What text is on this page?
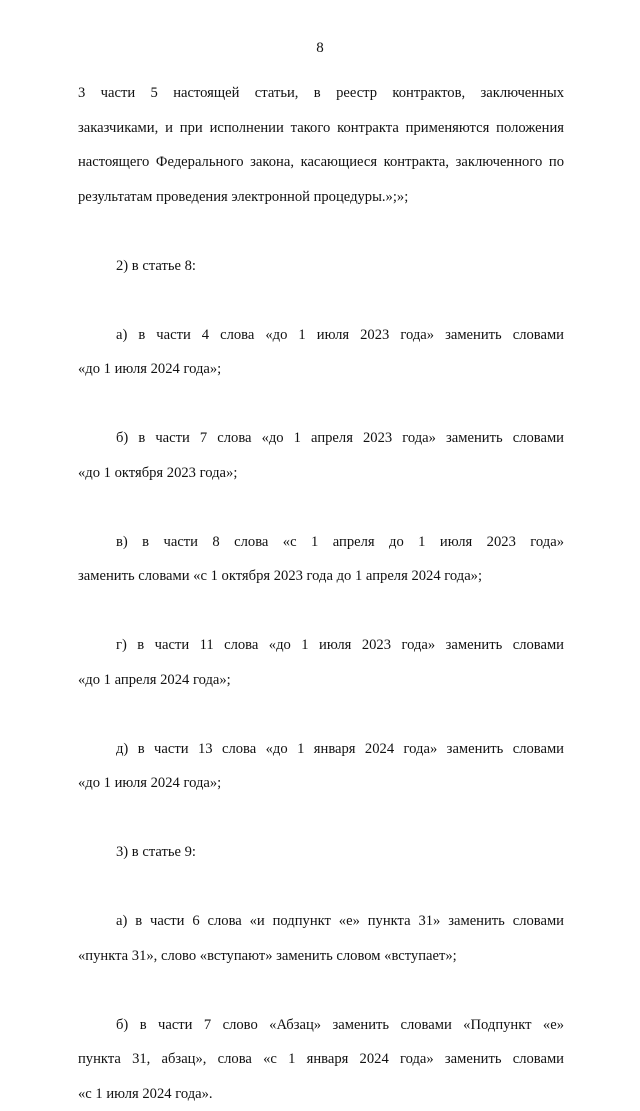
8
3 части 5 настоящей статьи, в реестр контрактов, заключенных
заказчиками, и при исполнении такого контракта применяются положения
настоящего Федерального закона, касающиеся контракта, заключенного по
результатам проведения электронной процедуры.»;»;
2) в статье 8:
а) в части 4 слова «до 1 июля 2023 года» заменить словами
«до 1 июля 2024 года»;
б) в части 7 слова «до 1 апреля 2023 года» заменить словами
«до 1 октября 2023 года»;
в) в части 8 слова «с 1 апреля до 1 июля 2023 года»
заменить словами «с 1 октября 2023 года до 1 апреля 2024 года»;
г) в части 11 слова «до 1 июля 2023 года» заменить словами
«до 1 апреля 2024 года»;
д) в части 13 слова «до 1 января 2024 года» заменить словами
«до 1 июля 2024 года»;
3) в статье 9:
а) в части 6 слова «и подпункт «е» пункта 31» заменить словами
«пункта 31», слово «вступают» заменить словом «вступает»;
б) в части 7 слово «Абзац» заменить словами «Подпункт «е»
пункта 31, абзац», слова «с 1 января 2024 года» заменить словами
«с 1 июля 2024 года».
